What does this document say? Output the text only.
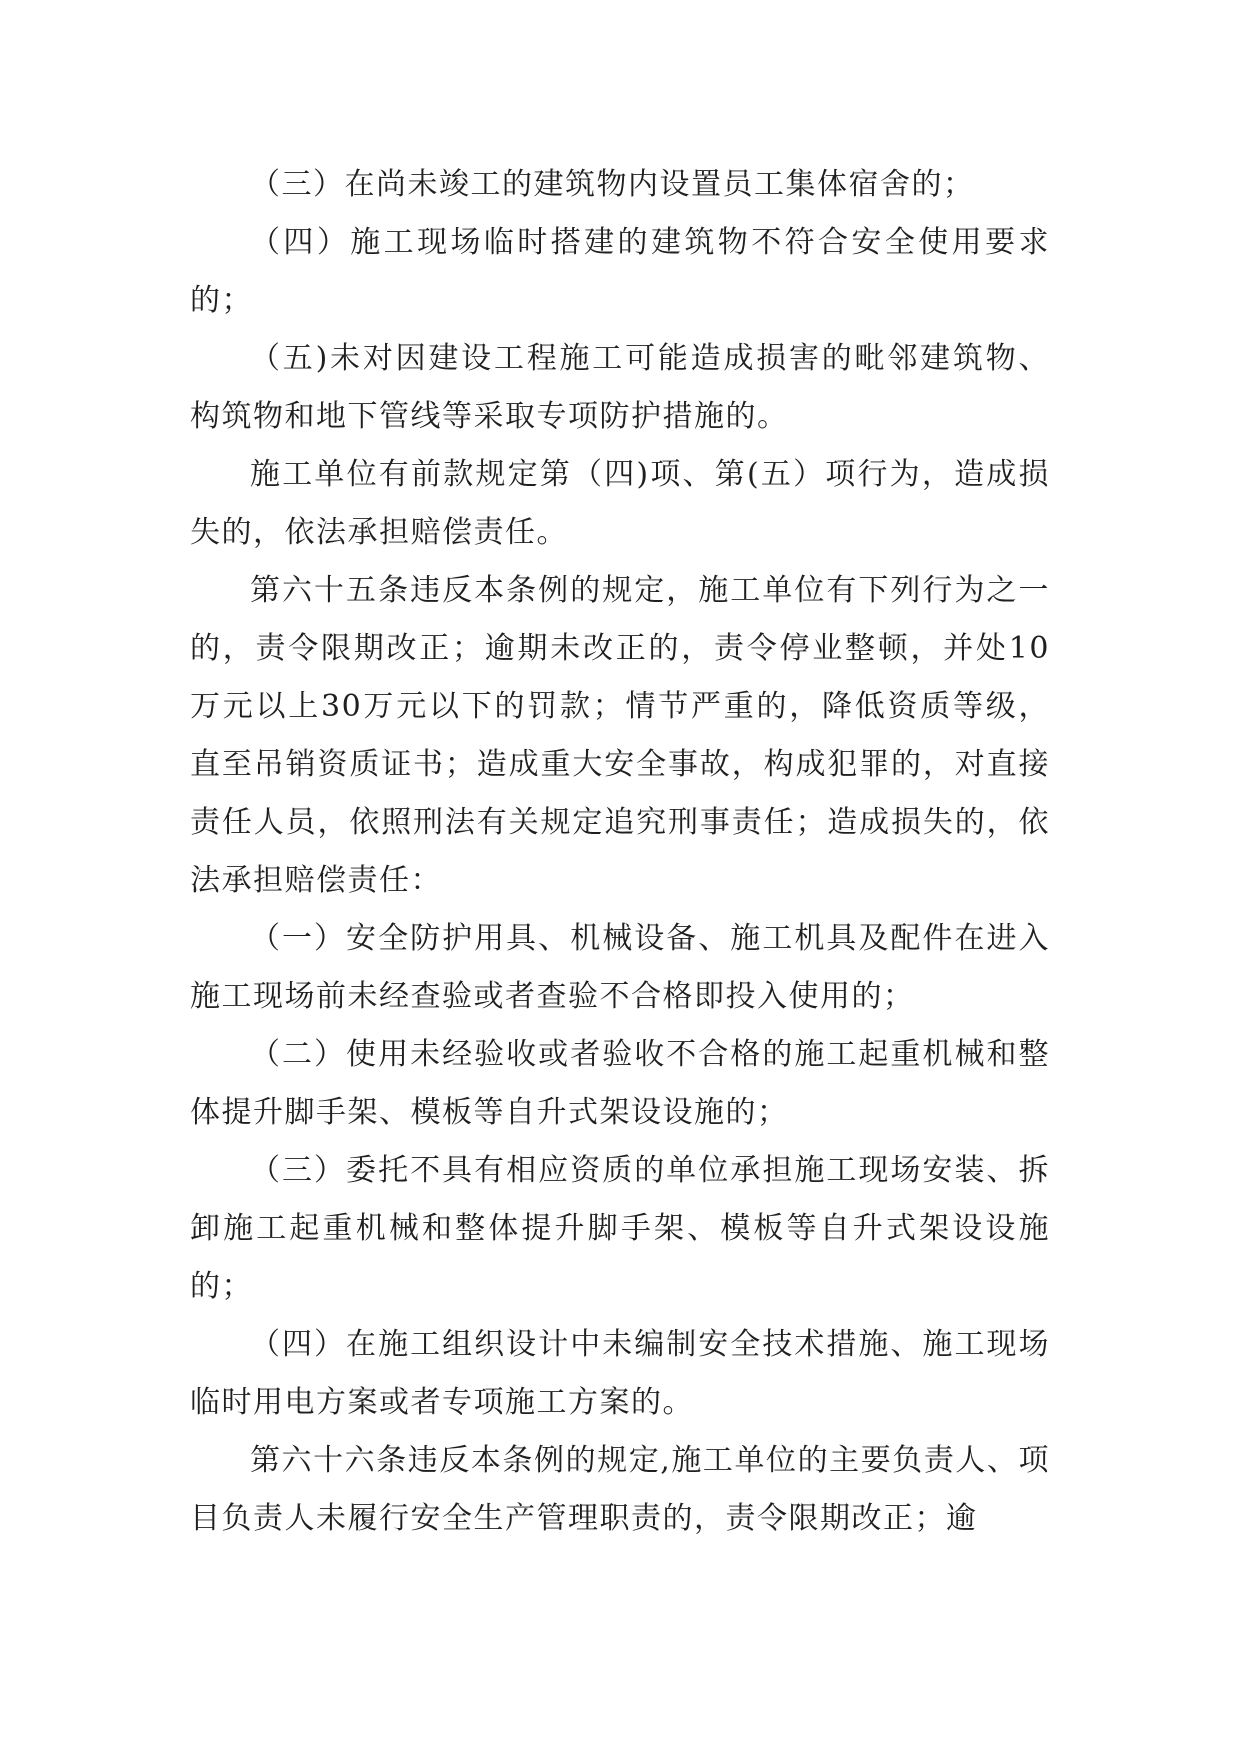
（三）在尚未竣工的建筑物内设置员工集体宿舍的；

（四）施工现场临时搭建的建筑物不符合安全使用要求的；

（五)未对因建设工程施工可能造成损害的毗邻建筑物、构筑物和地下管线等采取专项防护措施的。

施工单位有前款规定第（四)项、第(五）项行为，造成损失的，依法承担赔偿责任。

第六十五条违反本条例的规定，施工单位有下列行为之一的，责令限期改正；逾期未改正的，责令停业整顿，并处10万元以上30万元以下的罚款；情节严重的，降低资质等级，直至吊销资质证书；造成重大安全事故，构成犯罪的，对直接责任人员，依照刑法有关规定追究刑事责任；造成损失的，依法承担赔偿责任：

（一）安全防护用具、机械设备、施工机具及配件在进入施工现场前未经查验或者查验不合格即投入使用的；

（二）使用未经验收或者验收不合格的施工起重机械和整体提升脚手架、模板等自升式架设设施的；

（三）委托不具有相应资质的单位承担施工现场安装、拆卸施工起重机械和整体提升脚手架、模板等自升式架设设施的；

（四）在施工组织设计中未编制安全技术措施、施工现场临时用电方案或者专项施工方案的。

第六十六条违反本条例的规定,施工单位的主要负责人、项目负责人未履行安全生产管理职责的，责令限期改正；逾
